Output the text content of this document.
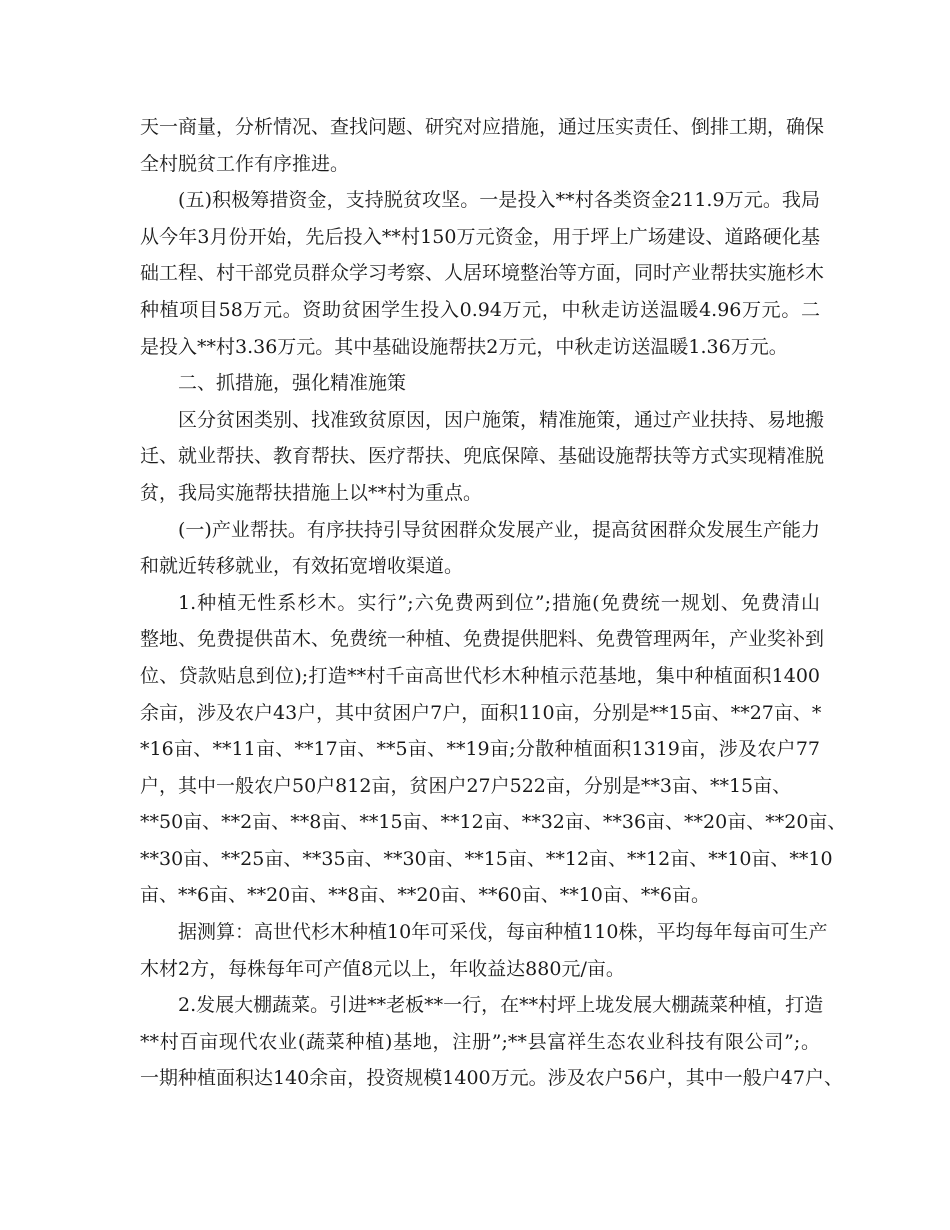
天一商量，分析情况、查找问题、研究对应措施，通过压实责任、倒排工期，确保
全村脱贫工作有序推进。
(五)积极筹措资金，支持脱贫攻坚。一是投入**村各类资金211.9万元。我局
从今年3月份开始，先后投入**村150万元资金，用于坪上广场建设、道路硬化基
础工程、村干部党员群众学习考察、人居环境整治等方面，同时产业帮扶实施杉木
种植项目58万元。资助贫困学生投入0.94万元，中秋走访送温暖4.96万元。二
是投入**村3.36万元。其中基础设施帮扶2万元，中秋走访送温暖1.36万元。
二、抓措施，强化精准施策
区分贫困类别、找准致贫原因，因户施策，精准施策，通过产业扶持、易地搬
迁、就业帮扶、教育帮扶、医疗帮扶、兜底保障、基础设施帮扶等方式实现精准脱
贫，我局实施帮扶措施上以**村为重点。
(一)产业帮扶。有序扶持引导贫困群众发展产业，提高贫困群众发展生产能力
和就近转移就业，有效拓宽增收渠道。
1.种植无性系杉木。实行”;六免费两到位”;措施(免费统一规划、免费清山
整地、免费提供苗木、免费统一种植、免费提供肥料、免费管理两年，产业奖补到
位、贷款贴息到位);打造**村千亩高世代杉木种植示范基地，集中种植面积1400
余亩，涉及农户43户，其中贫困户7户，面积110亩，分别是**15亩、**27亩、*
*16亩、**11亩、**17亩、**5亩、**19亩;分散种植面积1319亩，涉及农户77
户，其中一般农户50户812亩，贫困户27户522亩，分别是**3亩、**15亩、
**50亩、**2亩、**8亩、**15亩、**12亩、**32亩、**36亩、**20亩、**20亩、
**30亩、**25亩、**35亩、**30亩、**15亩、**12亩、**12亩、**10亩、**10
亩、**6亩、**20亩、**8亩、**20亩、**60亩、**10亩、**6亩。
据测算：高世代杉木种植10年可采伐，每亩种植110株，平均每年每亩可生产
木材2方，每株每年可产值8元以上，年收益达880元/亩。
2.发展大棚蔬菜。引进**老板**一行，在**村坪上垅发展大棚蔬菜种植，打造
**村百亩现代农业(蔬菜种植)基地，注册”;**县富祥生态农业科技有限公司”;。
一期种植面积达140余亩，投资规模1400万元。涉及农户56户，其中一般户47户、
